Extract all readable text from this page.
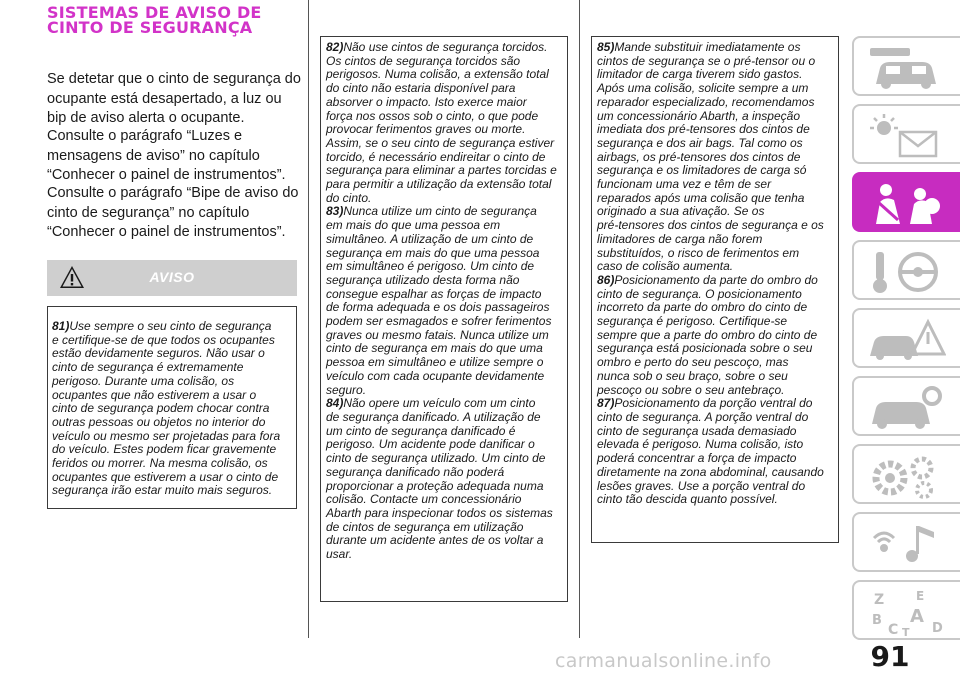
SISTEMAS DE AVISO DE
CINTO DE SEGURANÇA
Se detetar que o cinto de segurança do
ocupante está desapertado, a luz ou
bip de aviso alerta o ocupante.
Consulte o parágrafo “Luzes e
mensagens de aviso” no capítulo
“Conhecer o painel de instrumentos”.
Consulte o parágrafo “Bipe de aviso do
cinto de segurança” no capítulo
“Conhecer o painel de instrumentos”.
AVISO
81)Use sempre o seu cinto de segurança
e certifique-se de que todos os ocupantes
estão devidamente seguros. Não usar o
cinto de segurança é extremamente
perigoso. Durante uma colisão, os
ocupantes que não estiverem a usar o
cinto de segurança podem chocar contra
outras pessoas ou objetos no interior do
veículo ou mesmo ser projetadas para fora
do veículo. Estes podem ficar gravemente
feridos ou morrer. Na mesma colisão, os
ocupantes que estiverem a usar o cinto de
segurança irão estar muito mais seguros.
82)Não use cintos de segurança torcidos.
Os cintos de segurança torcidos são
perigosos. Numa colisão, a extensão total
do cinto não estaria disponível para
absorver o impacto. Isto exerce maior
força nos ossos sob o cinto, o que pode
provocar ferimentos graves ou morte.
Assim, se o seu cinto de segurança estiver
torcido, é necessário endireitar o cinto de
segurança para eliminar a partes torcidas e
para permitir a utilização da extensão total
do cinto.
83)Nunca utilize um cinto de segurança
em mais do que uma pessoa em
simultâneo. A utilização de um cinto de
segurança em mais do que uma pessoa
em simultâneo é perigoso. Um cinto de
segurança utilizado desta forma não
consegue espalhar as forças de impacto
de forma adequada e os dois passageiros
podem ser esmagados e sofrer ferimentos
graves ou mesmo fatais. Nunca utilize um
cinto de segurança em mais do que uma
pessoa em simultâneo e utilize sempre o
veículo com cada ocupante devidamente
seguro.
84)Não opere um veículo com um cinto
de segurança danificado. A utilização de
um cinto de segurança danificado é
perigoso. Um acidente pode danificar o
cinto de segurança utilizado. Um cinto de
segurança danificado não poderá
proporcionar a proteção adequada numa
colisão. Contacte um concessionário
Abarth para inspecionar todos os sistemas
de cintos de segurança em utilização
durante um acidente antes de os voltar a
usar.
85)Mande substituir imediatamente os
cintos de segurança se o pré-tensor ou o
limitador de carga tiverem sido gastos.
Após uma colisão, solicite sempre a um
reparador especializado, recomendamos
um concessionário Abarth, a inspeção
imediata dos pré-tensores dos cintos de
segurança e dos air bags. Tal como os
airbags, os pré-tensores dos cintos de
segurança e os limitadores de carga só
funcionam uma vez e têm de ser
reparados após uma colisão que tenha
originado a sua ativação. Se os
pré-tensores dos cintos de segurança e os
limitadores de carga não forem
substituídos, o risco de ferimentos em
caso de colisão aumenta.
86)Posicionamento da parte do ombro do
cinto de segurança. O posicionamento
incorreto da parte do ombro do cinto de
segurança é perigoso. Certifique-se
sempre que a parte do ombro do cinto de
segurança está posicionada sobre o seu
ombro e perto do seu pescoço, mas
nunca sob o seu braço, sobre o seu
pescoço ou sobre o seu antebraço.
87)Posicionamento da porção ventral do
cinto de segurança. A porção ventral do
cinto de segurança usada demasiado
elevada é perigoso. Numa colisão, isto
poderá concentrar a força de impacto
diretamente na zona abdominal, causando
lesões graves. Use a porção ventral do
cinto tão descida quanto possível.
Z	E
B A
C	D
T
91
carmanualsonline.info
